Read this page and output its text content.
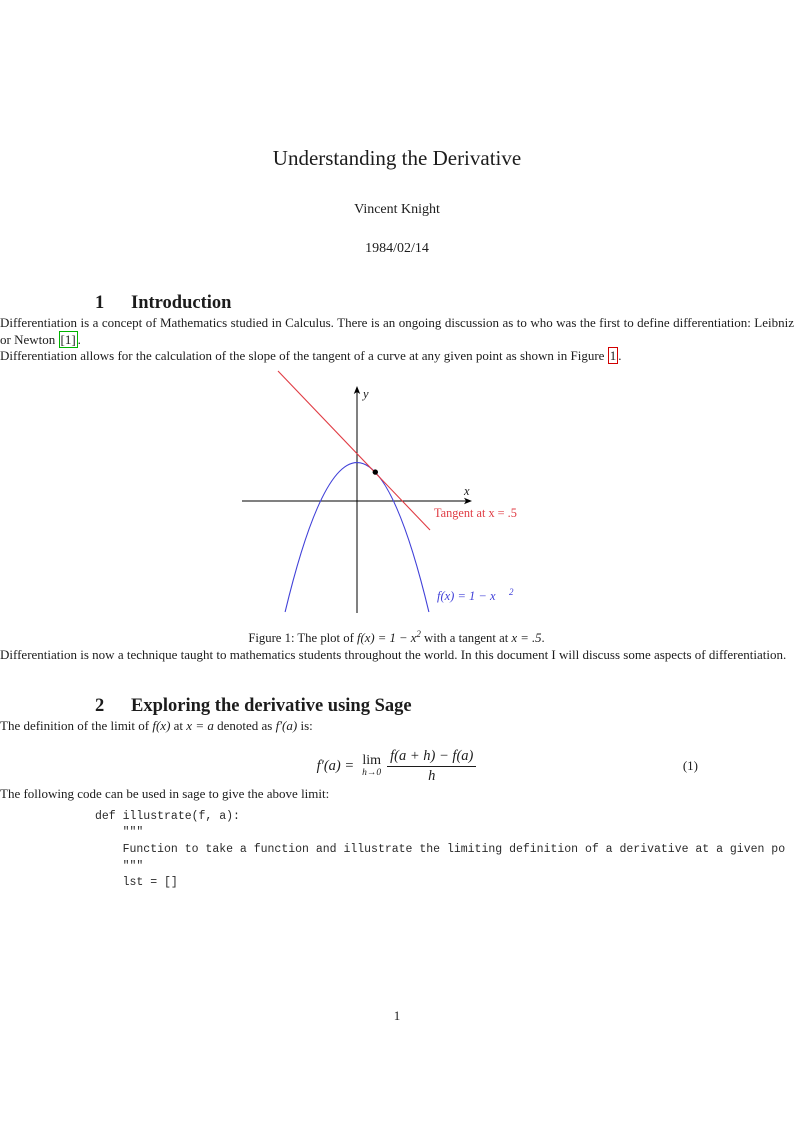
Understanding the Derivative
Vincent Knight
1984/02/14
1 Introduction

Differentiation is a concept of Mathematics studied in Calculus. There is an ongoing discussion as to who was the first to define differentiation: Leibniz or Newton [1] .

Differentiation allows for the calculation of the slope of the tangent of a curve at any given point as shown in Figure 1 .

x
y
Tangent at x = .5
f(x) = 1 − x 2
Figure 1: The plot of $f(x) = 1 - x^2$ with a tangent at x = .5.

Differentiation is now a technique taught to mathematics students throughout the world. In this document I will discuss some aspects of differentiation.

2 Exploring the derivative using Sage

The definition of the limit of f(x) at x = a denoted as f′(a) is:

f′(a) = lim
$h\to 0 \frac{f(a + h) - f(a)}{h}$	(1)

The following code can be used in sage to give the above limit:

def illustrate(f, a):
"""
Function to take a function and illustrate the limiting definition of a derivative at a given po
"""
lst = []
1
